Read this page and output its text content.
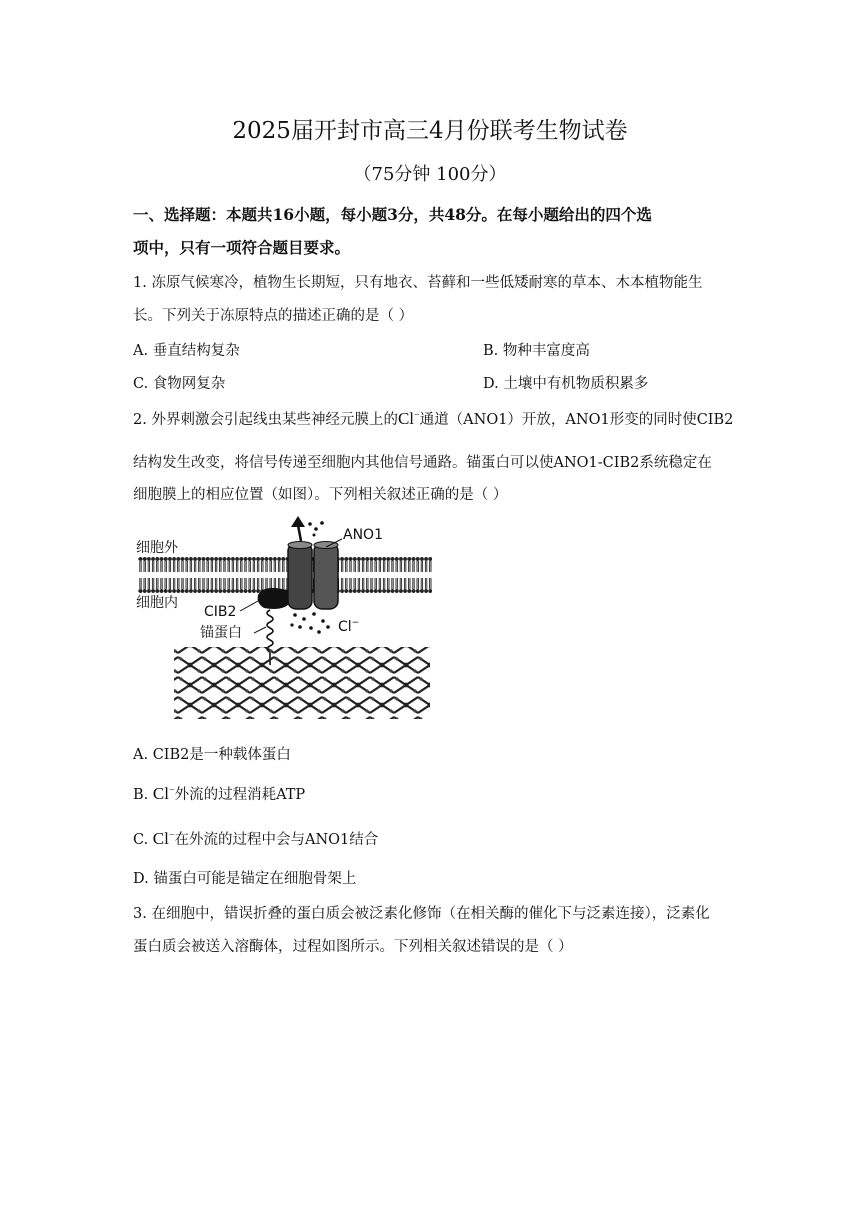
2025届开封市高三4月份联考生物试卷
（75分钟 100分）
一、选择题：本题共16小题，每小题3分，共48分。在每小题给出的四个选
项中，只有一项符合题目要求。
1. 冻原气候寒冷，植物生长期短，只有地衣、苔藓和一些低矮耐寒的草本、木本植物能生
长。下列关于冻原特点的描述正确的是（ ）
A. 垂直结构复杂	B. 物种丰富度高
C. 食物网复杂	D. 土壤中有机物质积累多
2. 外界刺激会引起线虫某些神经元膜上的Cl−通道（ANO1）开放，ANO1形变的同时使CIB2
结构发生改变，将信号传递至细胞内其他信号通路。锚蛋白可以使ANO1-CIB2系统稳定在
细胞膜上的相应位置（如图）。下列相关叙述正确的是（ ）
细胞外
细胞内
ANO1
CIB2
锚蛋白	Cl−
A. CIB2是一种载体蛋白
B. Cl−外流的过程消耗ATP
C. Cl−在外流的过程中会与ANO1结合
D. 锚蛋白可能是锚定在细胞骨架上
3. 在细胞中，错误折叠的蛋白质会被泛素化修饰（在相关酶的催化下与泛素连接），泛素化
蛋白质会被送入溶酶体，过程如图所示。下列相关叙述错误的是（ ）
